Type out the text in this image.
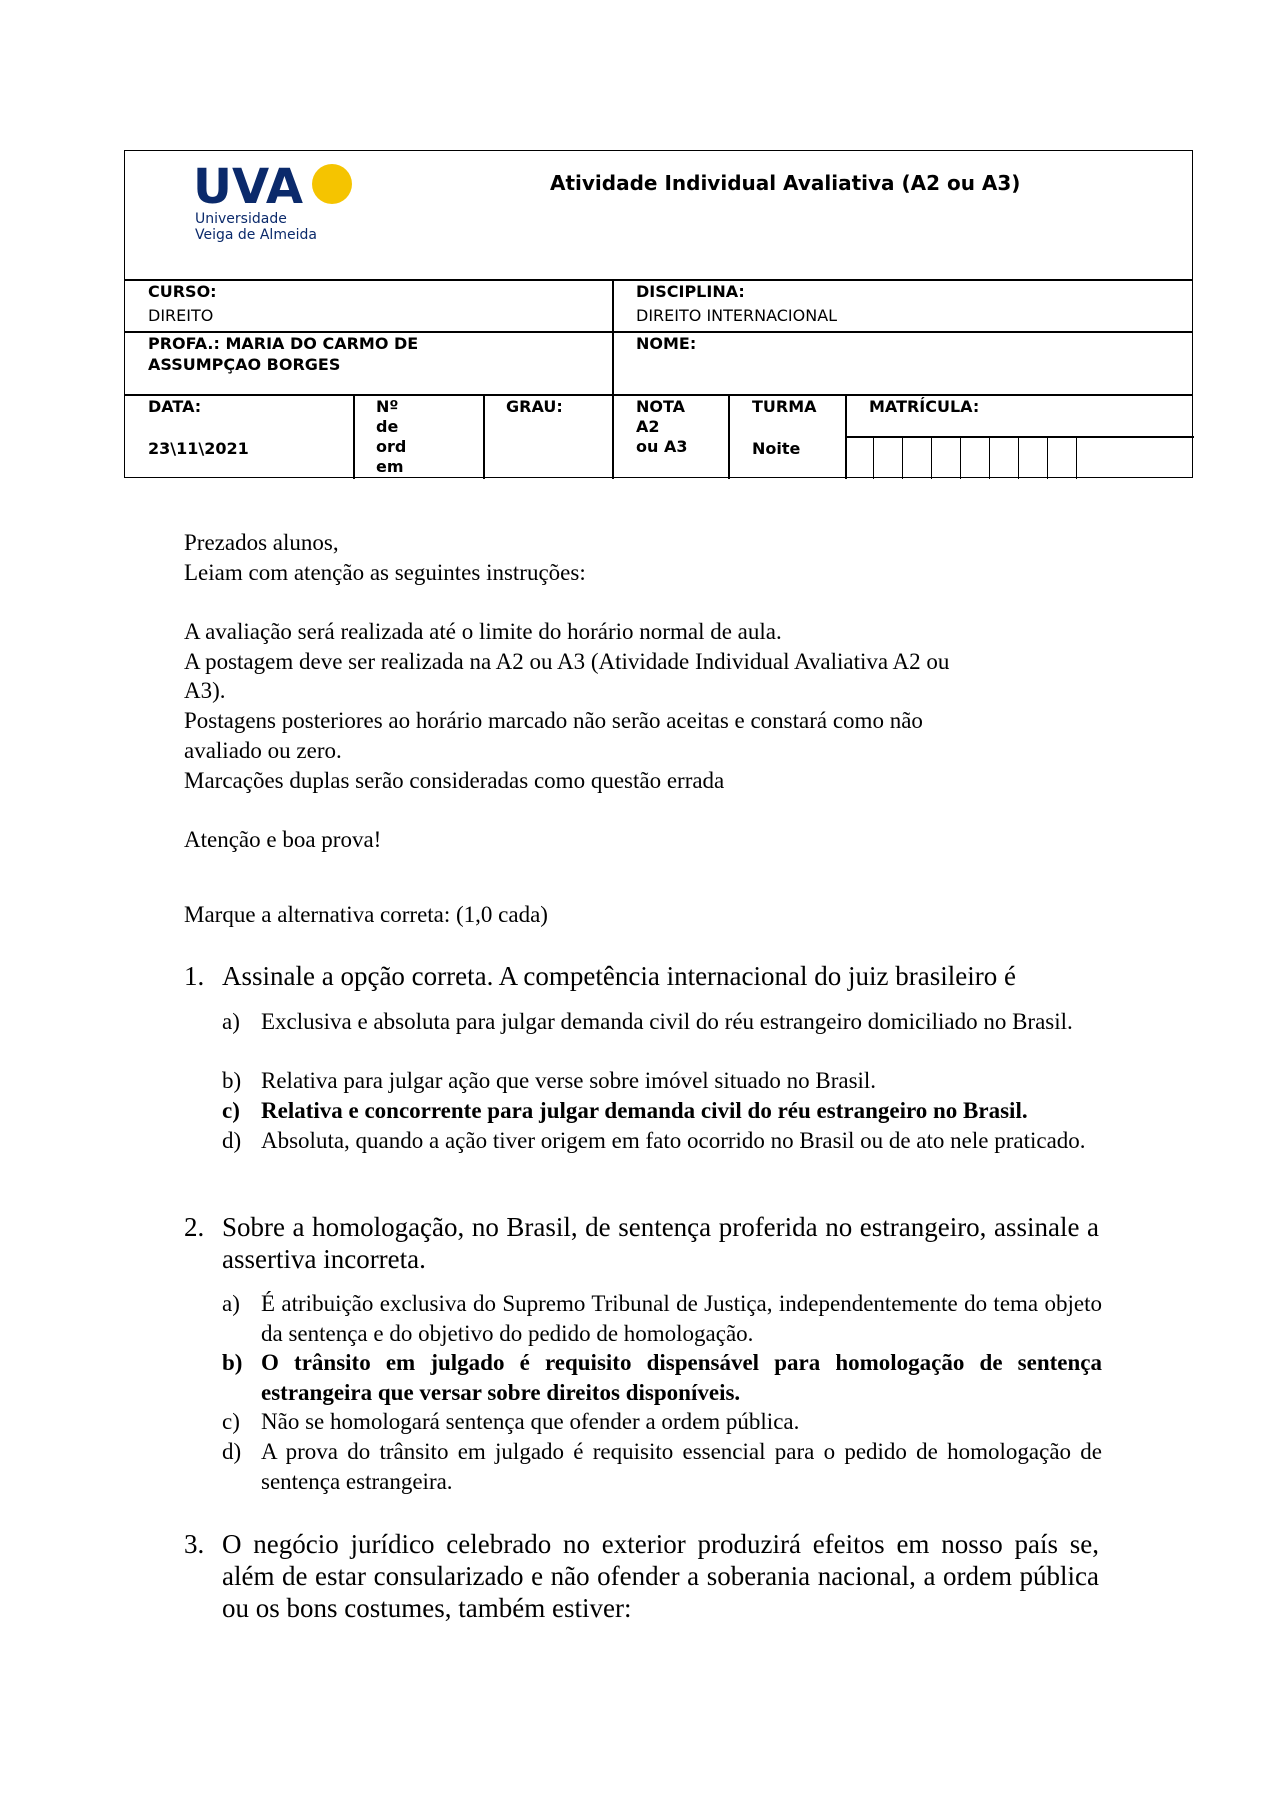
UVA
Universidade
Veiga de Almeida
Atividade Individual Avaliativa (A2 ou A3)
CURSO:
DIREITO
DISCIPLINA:
DIREITO INTERNACIONAL
PROFA.: MARIA DO CARMO DE
ASSUMPÇAO BORGES
NOME:
DATA:
23\11\2021
Nº
de
ord
em
GRAU:	NOTA
A2
ou A3
TURMA
Noite
MATRÍCULA:
Prezados alunos,
Leiam com atenção as seguintes instruções:
A avaliação será realizada até o limite do horário normal de aula.
A postagem deve ser realizada na A2 ou A3 (Atividade Individual Avaliativa A2 ou
A3).
Postagens posteriores ao horário marcado não serão aceitas e constará como não
avaliado ou zero.
Marcações duplas serão consideradas como questão errada
Atenção e boa prova!
Marque a alternativa correta: (1,0 cada)
1. Assinale a opção correta. A competência internacional do juiz brasileiro é
a) Exclusiva e absoluta para julgar demanda civil do réu estrangeiro domiciliado no Brasil.
b) Relativa para julgar ação que verse sobre imóvel situado no Brasil.
c) Relativa e concorrente para julgar demanda civil do réu estrangeiro no Brasil.
d) Absoluta, quando a ação tiver origem em fato ocorrido no Brasil ou de ato nele praticado.
2. Sobre a homologação, no Brasil, de sentença proferida no estrangeiro, assinale a assertiva incorreta.
a) É atribuição exclusiva do Supremo Tribunal de Justiça, independentemente do tema objeto da sentença e do objetivo do pedido de homologação.
b) O trânsito em julgado é requisito dispensável para homologação de sentença estrangeira que versar sobre direitos disponíveis.
c) Não se homologará sentença que ofender a ordem pública.
d) A prova do trânsito em julgado é requisito essencial para o pedido de homologação de sentença estrangeira.
3. O negócio jurídico celebrado no exterior produzirá efeitos em nosso país se, além de estar consularizado e não ofender a soberania nacional, a ordem pública ou os bons costumes, também estiver:
